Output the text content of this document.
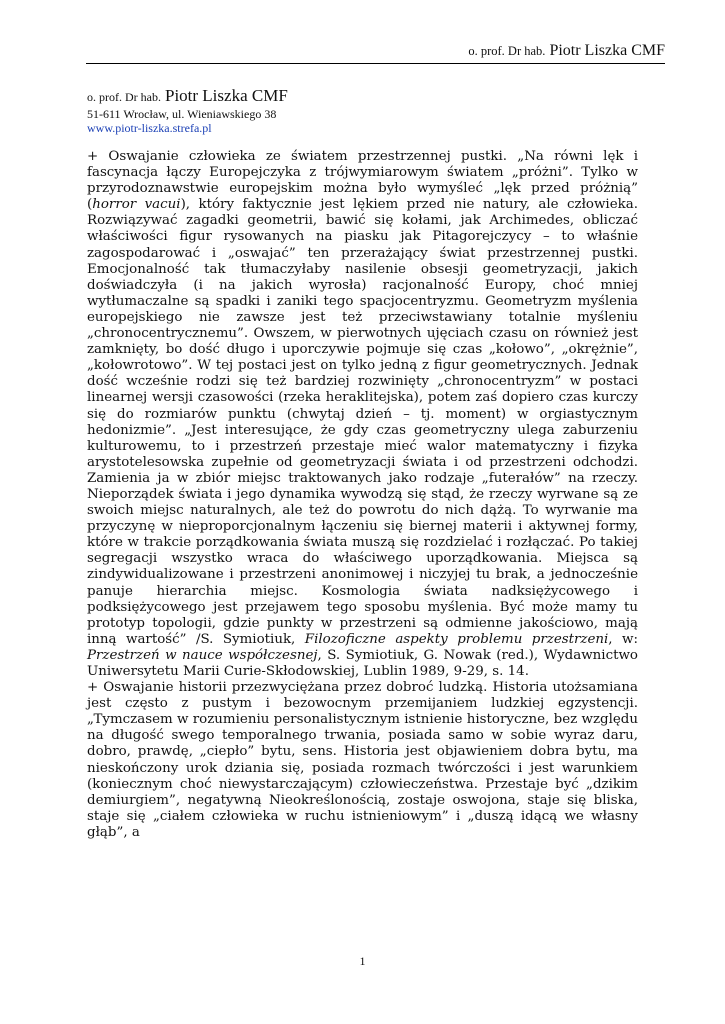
o. prof. Dr hab. Piotr Liszka CMF
o. prof. Dr hab. Piotr Liszka CMF
51-611 Wrocław, ul. Wieniawskiego 38
www.piotr-liszka.strefa.pl

+ Oswajanie człowieka ze światem przestrzennej pustki. „Na równi lęk i fascynacja łączy Europejczyka z trójwymiarowym światem „próżni”. Tylko w przyrodoznawstwie europejskim można było wymyśleć „lęk przed próżnią” (horror vacui), który faktycznie jest lękiem przed nie natury, ale człowieka. Rozwiązywać zagadki geometrii, bawić się kołami, jak Archimedes, obliczać właściwości figur rysowanych na piasku jak Pitagorejczycy – to właśnie zagospodarować i „oswajać” ten przerażający świat przestrzennej pustki. Emocjonalność tak tłumaczyłaby nasilenie obsesji geometryzacji, jakich doświadczyła (i na jakich wyrosła) racjonalność Europy, choć mniej wytłumaczalne są spadki i zaniki tego spacjocentryzmu. Geometryzm myślenia europejskiego nie zawsze jest też przeciwstawiany totalnie myśleniu „chronocentrycznemu”. Owszem, w pierwotnych ujęciach czasu on również jest zamknięty, bo dość długo i uporczywie pojmuje się czas „kołowo”, „okrężnie”, „kołowrotowo”. W tej postaci jest on tylko jedną z figur geometrycznych. Jednak dość wcześnie rodzi się też bardziej rozwinięty „chronocentryzm” w postaci linearnej wersji czasowości (rzeka heraklitejska), potem zaś dopiero czas kurczy się do rozmiarów punktu (chwytaj dzień – tj. moment) w orgiastycznym hedonizmie”. „Jest interesujące, że gdy czas geometryczny ulega zaburzeniu kulturowemu, to i przestrzeń przestaje mieć walor matematyczny i fizyka arystotelesowska zupełnie od geometryzacji świata i od przestrzeni odchodzi. Zamienia ja w zbiór miejsc traktowanych jako rodzaje „futerałów” na rzeczy. Nieporządek świata i jego dynamika wywodzą się stąd, że rzeczy wyrwane są ze swoich miejsc naturalnych, ale też do powrotu do nich dążą. To wyrwanie ma przyczynę w nieproporcjonalnym łączeniu się biernej materii i aktywnej formy, które w trakcie porządkowania świata muszą się rozdzielać i rozłączać. Po takiej segregacji wszystko wraca do właściwego uporządkowania. Miejsca są zindywidualizowane i przestrzeni anonimowej i niczyjej tu brak, a jednocześnie panuje hierarchia miejsc. Kosmologia świata nadksiężycowego i podksiężycowego jest przejawem tego sposobu myślenia. Być może mamy tu prototyp topologii, gdzie punkty w przestrzeni są odmienne jakościowo, mają inną wartość” /S. Symiotiuk, Filozoficzne aspekty problemu przestrzeni, w: Przestrzeń w nauce współczesnej, S. Symiotiuk, G. Nowak (red.), Wydawnictwo Uniwersytetu Marii Curie-Skłodowskiej, Lublin 1989, 9-29, s. 14.

+ Oswajanie historii przezwyciężana przez dobroć ludzką. Historia utożsamiana jest często z pustym i bezowocnym przemijaniem ludzkiej egzystencji. „Tymczasem w rozumieniu personalistycznym istnienie historyczne, bez względu na długość swego temporalnego trwania, posiada samo w sobie wyraz daru, dobro, prawdę, „ciepło” bytu, sens. Historia jest objawieniem dobra bytu, ma nieskończony urok dziania się, posiada rozmach twórczości i jest warunkiem (koniecznym choć niewystarczającym) człowieczeństwa. Przestaje być „dzikim demiurgiem”, negatywną Nieokreślonością, zostaje oswojona, staje się bliska, staje się „ciałem człowieka w ruchu istnieniowym” i „duszą idącą we własny głąb”, a

1
